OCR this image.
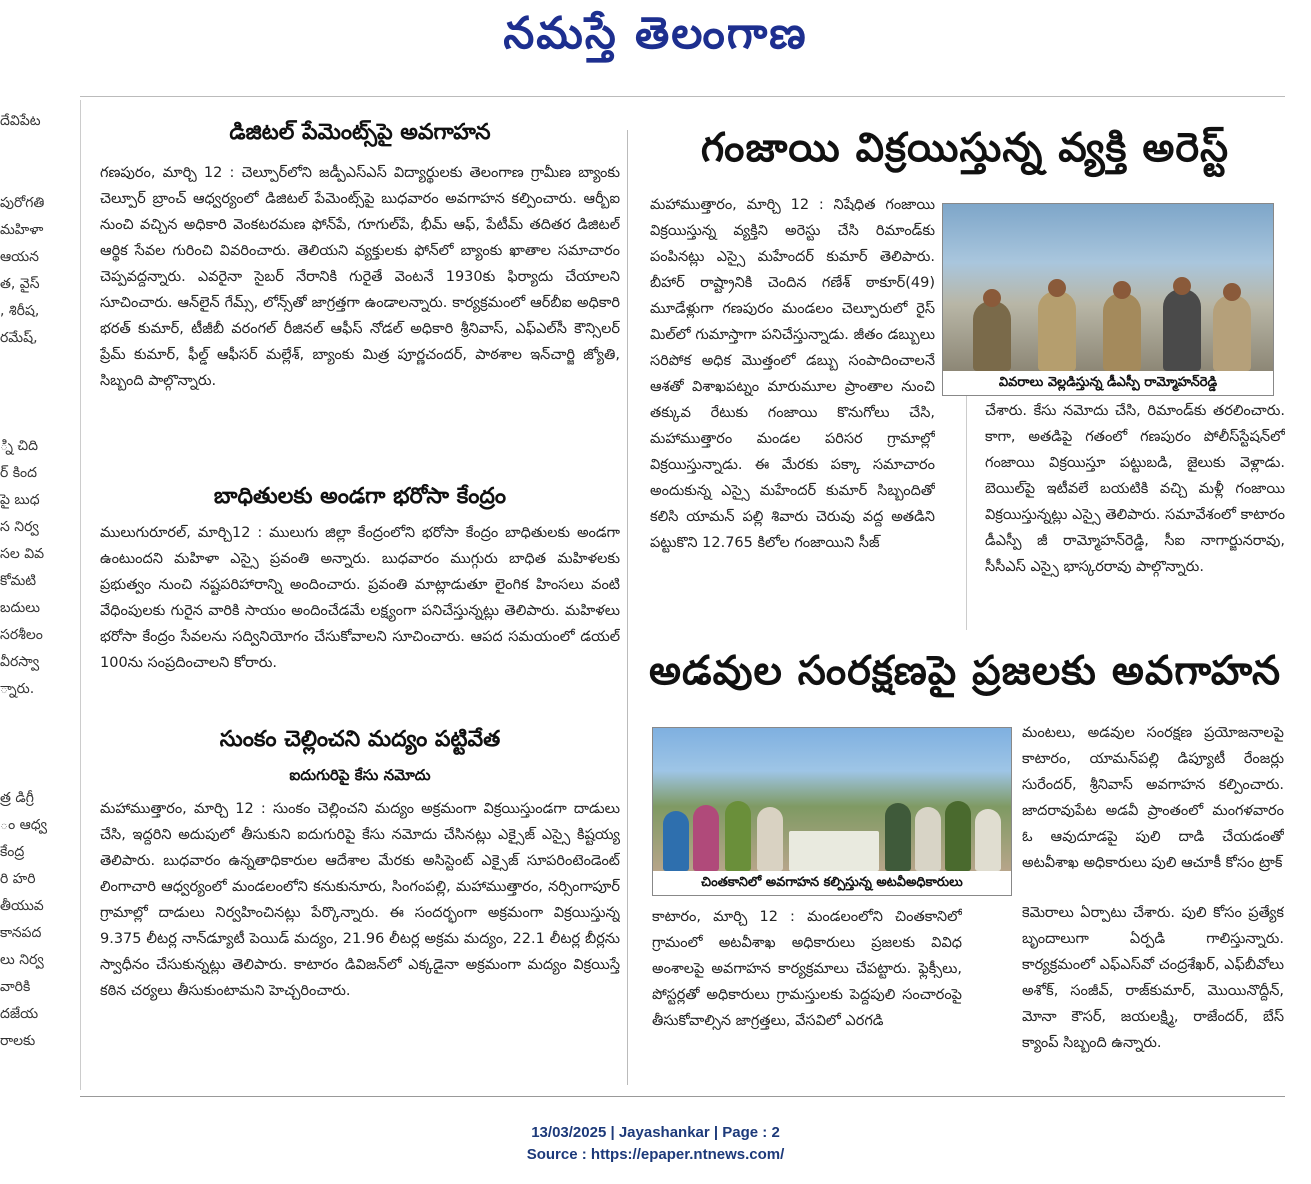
నమస్తే తెలంగాణ
దేవిపేట
పురోగతి
మహిళా
ఆయన
త, వైస్
, శిరీష,
రమేష్,
్ని చిది
ర్ కింద
పై బుధ
స నిర్వ
సల వివ
కోమటి
బదులు
సరశీలం
వీరస్వా
్నారు.
త్ర డిగ్రీ
ం ఆధ్వ
కేంద్ర
రి హరి
తీయువ
కానపద
లు నిర్వ
వారికి
దజేయ
రాలకు
డిజిటల్ పేమెంట్స్‌పై అవగాహన
గణపురం, మార్చి 12 : చెల్పూర్‌లోని జడ్పీఎస్ఎస్ విద్యార్థులకు తెలంగాణ గ్రామీణ బ్యాంకు చెల్పూర్ బ్రాంచ్ ఆధ్వర్యంలో డిజిటల్ పేమెంట్స్‌పై బుధవారం అవగాహన కల్పించారు. ఆర్బీఐ నుంచి వచ్చిన అధికారి వెంకటరమణ ఫోన్‌పే, గూగుల్‌పే, భీమ్ ఆఫ్, పేటీమ్ తదితర డిజిటల్ ఆర్థిక సేవల గురించి వివరించారు. తెలియని వ్యక్తులకు ఫోన్‌లో బ్యాంకు ఖాతాల సమాచారం చెప్పవద్దన్నారు. ఎవరైనా సైబర్ నేరానికి గురైతే వెంటనే 1930కు ఫిర్యాదు చేయాలని సూచించారు. ఆన్‌లైన్ గేమ్స్, లోన్స్‌తో జాగ్రత్తగా ఉండాలన్నారు. కార్యక్రమంలో ఆర్‌బీఐ అధికారి భరత్ కుమార్, టీజీబీ వరంగల్ రీజినల్ ఆఫీస్ నోడల్ అధికారి శ్రీనివాస్, ఎఫ్ఎల్‌సీ కౌన్సిలర్ ప్రేమ్ కుమార్, ఫీల్డ్ ఆఫీసర్ మల్లేశ్, బ్యాంకు మిత్ర పూర్ణచందర్, పాఠశాల ఇన్‌చార్జి జ్యోతి, సిబ్బంది పాల్గొన్నారు.
బాధితులకు అండగా భరోసా కేంద్రం
ములుగురూరల్, మార్చి12 : ములుగు జిల్లా కేంద్రంలోని భరోసా కేంద్రం బాధితులకు అండగా ఉంటుందని మహిళా ఎస్సై ప్రవంతి అన్నారు. బుధవారం ముగ్గురు బాధిత మహిళలకు ప్రభుత్వం నుంచి నష్టపరిహారాన్ని అందించారు. ప్రవంతి మాట్లాడుతూ లైంగిక హింసలు వంటి వేధింపులకు గురైన వారికి సాయం అందించేడమే లక్ష్యంగా పనిచేస్తున్నట్లు తెలిపారు. మహిళలు భరోసా కేంద్రం సేవలను సద్వినియోగం చేసుకోవాలని సూచించారు. ఆపద సమయంలో డయల్ 100ను సంప్రదించాలని కోరారు.
సుంకం చెల్లించని మద్యం పట్టివేత
ఐదుగురిపై కేసు నమోదు
మహాముత్తారం, మార్చి 12 : సుంకం చెల్లించని మద్యం అక్రమంగా విక్రయిస్తుండగా దాడులు చేసి, ఇద్దరిని అదుపులో తీసుకుని ఐదుగురిపై కేసు నమోదు చేసినట్లు ఎక్సైజ్ ఎస్సై కిష్టయ్య తెలిపారు. బుధవారం ఉన్నతాధికారుల ఆదేశాల మేరకు అసిస్టెంట్ ఎక్సైజ్ సూపరింటెండెంట్ లింగాచారి ఆధ్వర్యంలో మండలంలోని కనుకునూరు, సింగంపల్లి, మహాముత్తారం, నర్సింగాపూర్ గ్రామాల్లో దాడులు నిర్వహించినట్లు పేర్కొన్నారు. ఈ సందర్భంగా అక్రమంగా విక్రయిస్తున్న 9.375 లీటర్ల నాన్‌డ్యూటీ పెయిడ్ మద్యం, 21.96 లీటర్ల అక్రమ మద్యం, 22.1 లీటర్ల బీర్లను స్వాధీనం చేసుకున్నట్లు తెలిపారు. కాటారం డివిజన్‌లో ఎక్కడైనా అక్రమంగా మద్యం విక్రయిస్తే కఠిన చర్యలు తీసుకుంటామని హెచ్చరించారు.
గంజాయి విక్రయిస్తున్న వ్యక్తి అరెస్ట్
మహాముత్తారం, మార్చి 12 : నిషేధిత గంజాయి విక్రయిస్తున్న వ్యక్తిని అరెస్టు చేసి రిమాండ్‌కు పంపినట్లు ఎస్సై మహేందర్ కుమార్ తెలిపారు. బీహార్ రాష్ట్రానికి చెందిన గణేశ్ ఠాకూర్(49) మూడేళ్లుగా గణపురం మండలం చెల్పూరులో రైస్ మిల్‌లో గుమాస్తాగా పనిచేస్తున్నాడు. జీతం డబ్బులు సరిపోక అధిక మొత్తంలో డబ్బు సంపాదించాలనే ఆశతో విశాఖపట్నం మారుమూల ప్రాంతాల నుంచి తక్కువ రేటుకు గంజాయి కొనుగోలు చేసి, మహాముత్తారం మండల పరిసర గ్రామాల్లో విక్రయిస్తున్నాడు. ఈ మేరకు పక్కా సమాచారం అందుకున్న ఎస్సై మహేందర్ కుమార్ సిబ్బందితో కలిసి యామన్ పల్లి శివారు చెరువు వద్ద అతడిని పట్టుకొని 12.765 కిలోల గంజాయిని సీజ్
వివరాలు వెల్లడిస్తున్న డీఎస్పీ రామ్మోహన్‌రెడ్డి
చేశారు. కేసు నమోదు చేసి, రిమాండ్‌కు తరలించారు. కాగా, అతడిపై గతంలో గణపురం పోలీస్‌స్టేషన్‌లో గంజాయి విక్రయిస్తూ పట్టుబడి, జైలుకు వెళ్లాడు. బెయిల్‌పై ఇటీవలే బయటికి వచ్చి మళ్లీ గంజాయి విక్రయిస్తున్నట్లు ఎస్సై తెలిపారు. సమావేశంలో కాటారం డీఎస్పీ జీ రామ్మోహన్‌రెడ్డి, సీఐ నాగార్జునరావు, సీసీఎస్ ఎస్సై భాస్కరరావు పాల్గొన్నారు.
అడవుల సంరక్షణపై ప్రజలకు అవగాహన
చింతకానిలో అవగాహన కల్పిస్తున్న అటవీఅధికారులు
మంటలు, అడవుల సంరక్షణ ప్రయోజనాలపై కాటారం, యామన్‌పల్లి డిప్యూటీ రేంజర్లు సురేందర్, శ్రీనివాస్ అవగాహన కల్పించారు. జాదరావుపేట అడవీ ప్రాంతంలో మంగళవారం ఓ ఆవుదూడపై పులి దాడి చేయడంతో అటవీశాఖ అధికారులు పులి ఆచూకీ కోసం ట్రాక్
కాటారం, మార్చి 12 : మండలంలోని చింతకానిలో గ్రామంలో అటవీశాఖ అధికారులు ప్రజలకు వివిధ అంశాలపై అవగాహన కార్యక్రమాలు చేపట్టారు. ఫ్లెక్సీలు, పోస్టర్లతో అధికారులు గ్రామస్తులకు పెద్దపులి సంచారంపై తీసుకోవాల్సిన జాగ్రత్తలు, వేసవిలో ఎరగడి
కెమెరాలు ఏర్పాటు చేశారు. పులి కోసం ప్రత్యేక బృందాలుగా ఏర్పడి గాలిస్తున్నారు. కార్యక్రమంలో ఎఫ్ఎస్‌వో చంద్రశేఖర్, ఎఫ్‌బీవోలు అశోక్, సంజీవ్, రాజ్‌కుమార్, మొయినొద్దీన్, మోనా కౌసర్, జయలక్ష్మి, రాజేందర్, బేస్ క్యాంప్ సిబ్బంది ఉన్నారు.
13/03/2025 | Jayashankar | Page : 2
Source : https://epaper.ntnews.com/
